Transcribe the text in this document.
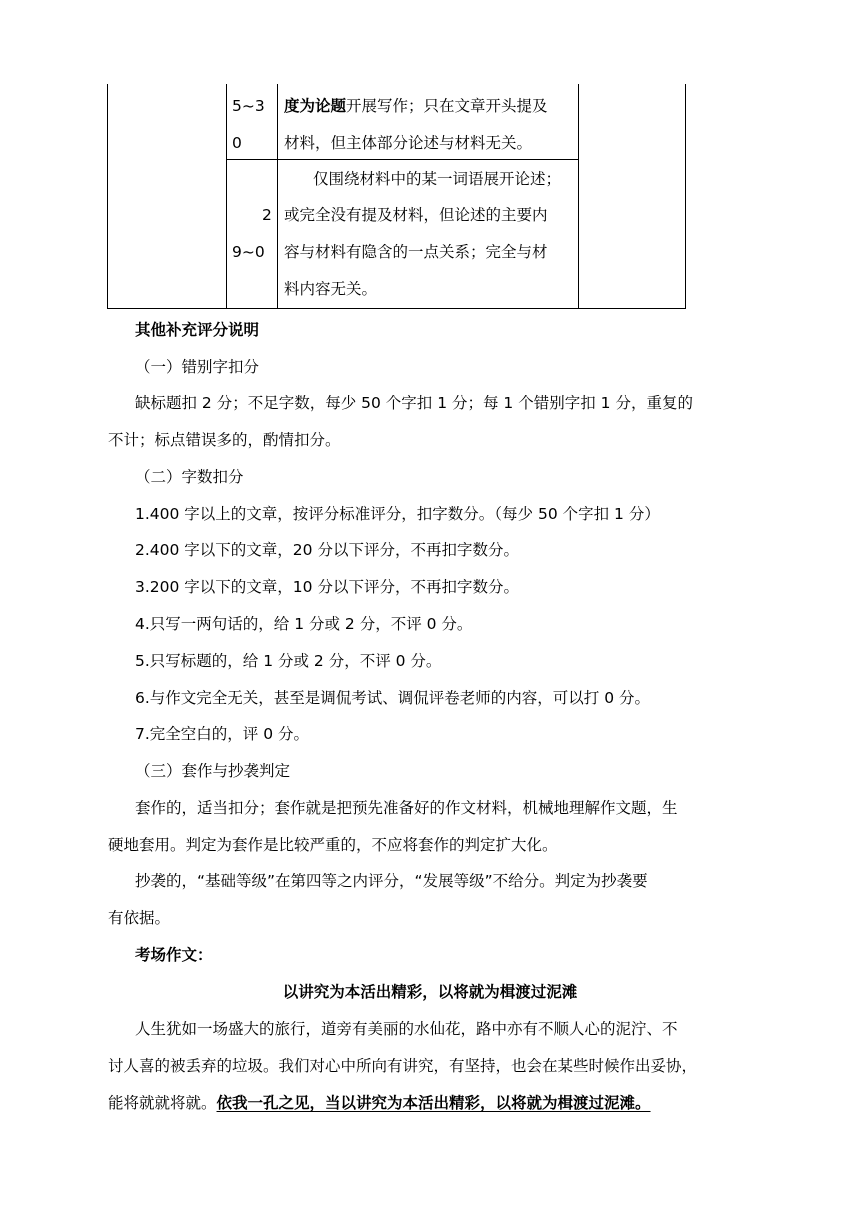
5~3
0
度为论题开展写作；只在文章开头提及
材料，但主体部分论述与材料无关。
2
9~0
仅围绕材料中的某一词语展开论述；
或完全没有提及材料，但论述的主要内
容与材料有隐含的一点关系；完全与材
料内容无关。
其他补充评分说明
（一）错别字扣分
缺标题扣 2 分；不足字数，每少 50 个字扣 1 分；每 1 个错别字扣 1 分，重复的
不计；标点错误多的，酌情扣分。
（二）字数扣分
1.400 字以上的文章，按评分标准评分，扣字数分。（每少 50 个字扣 1 分）
2.400 字以下的文章，20 分以下评分，不再扣字数分。
3.200 字以下的文章，10 分以下评分，不再扣字数分。
4.只写一两句话的，给 1 分或 2 分，不评 0 分。
5.只写标题的，给 1 分或 2 分，不评 0 分。
6.与作文完全无关，甚至是调侃考试、调侃评卷老师的内容，可以打 0 分。
7.完全空白的，评 0 分。
（三）套作与抄袭判定
套作的，适当扣分；套作就是把预先准备好的作文材料，机械地理解作文题，生
硬地套用。判定为套作是比较严重的，不应将套作的判定扩大化。
抄袭的，“基础等级”在第四等之内评分，“发展等级”不给分。判定为抄袭要
有依据。
考场作文：
以讲究为本活出精彩，以将就为楫渡过泥滩
人生犹如一场盛大的旅行，道旁有美丽的水仙花，路中亦有不顺人心的泥泞、不
讨人喜的被丢弃的垃圾。我们对心中所向有讲究，有坚持，也会在某些时候作出妥协，
能将就就将就。依我一孔之见，当以讲究为本活出精彩，以将就为楫渡过泥滩。
